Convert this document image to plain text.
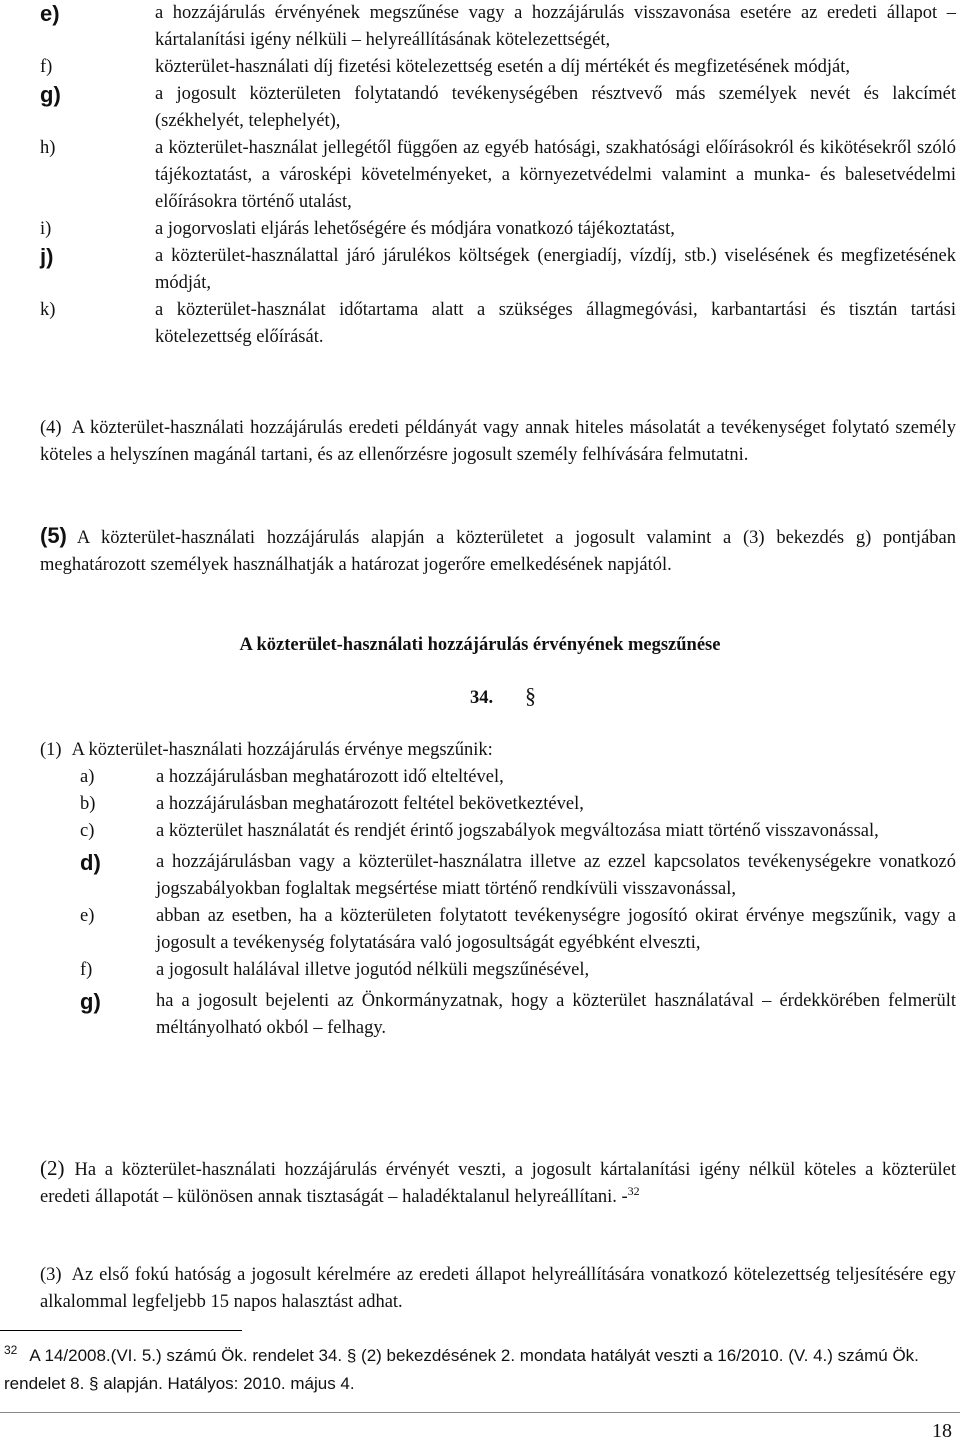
e)	a hozzájárulás érvényének megszűnése vagy a hozzájárulás visszavonása esetére az eredeti állapot – kártalanítási igény nélküli – helyreállításának kötelezettségét,
f)	közterület-használati díj fizetési kötelezettség esetén a díj mértékét és megfizetésének módját,
g)	a jogosult közterületen folytatandó tevékenységében résztvevő más személyek nevét és lakcímét (székhelyét, telephelyét),
h)	a közterület-használat jellegétől függően az egyéb hatósági, szakhatósági előírásokról és kikötésekről szóló tájékoztatást, a városképi követelményeket, a környezetvédelmi valamint a munka- és balesetvédelmi előírásokra történő utalást,
i)	a jogorvoslati eljárás lehetőségére és módjára vonatkozó tájékoztatást,
j)	a közterület-használattal járó járulékos költségek (energiadíj, vízdíj, stb.) viselésének és megfizetésének módját,
k)	a közterület-használat időtartama alatt a szükséges állagmegóvási, karbantartási és tisztán tartási kötelezettség előírását.
(4) A közterület-használati hozzájárulás eredeti példányát vagy annak hiteles másolatát a tevékenységet folytató személy köteles a helyszínen magánál tartani, és az ellenőrzésre jogosult személy felhívására felmutatni.
(5) A közterület-használati hozzájárulás alapján a közterületet a jogosult valamint a (3) bekezdés g) pontjában meghatározott személyek használhatják a határozat jogerőre emelkedésének napjától.
A közterület-használati hozzájárulás érvényének megszűnése
34. §
(1) A közterület-használati hozzájárulás érvénye megszűnik:
a)	a hozzájárulásban meghatározott idő elteltével,
b)	a hozzájárulásban meghatározott feltétel bekövetkeztével,
c)	a közterület használatát és rendjét érintő jogszabályok megváltozása miatt történő visszavonással,
d)	a hozzájárulásban vagy a közterület-használatra illetve az ezzel kapcsolatos tevékenységekre vonatkozó jogszabályokban foglaltak megsértése miatt történő rendkívüli visszavonással,
e)	abban az esetben, ha a közterületen folytatott tevékenységre jogosító okirat érvénye megszűnik, vagy a jogosult a tevékenység folytatására való jogosultságát egyébként elveszti,
f)	a jogosult halálával illetve jogutód nélküli megszűnésével,
g)	ha a jogosult bejelenti az Önkormányzatnak, hogy a közterület használatával – érdekkörében felmerült méltányolható okból – felhagy.
(2) Ha a közterület-használati hozzájárulás érvényét veszti, a jogosult kártalanítási igény nélkül köteles a közterület eredeti állapotát – különösen annak tisztaságát – haladéktalanul helyreállítani. -$^{32}$
(3) Az első fokú hatóság a jogosult kérelmére az eredeti állapot helyreállítására vonatkozó kötelezettség teljesítésére egy alkalommal legfeljebb 15 napos halasztást adhat.
$^{32}$ A 14/2008.(VI. 5.) számú Ök. rendelet 34. § (2) bekezdésének 2. mondata hatályát veszti a 16/2010. (V. 4.) számú Ök. rendelet 8. § alapján. Hatályos: 2010. május 4.
18
